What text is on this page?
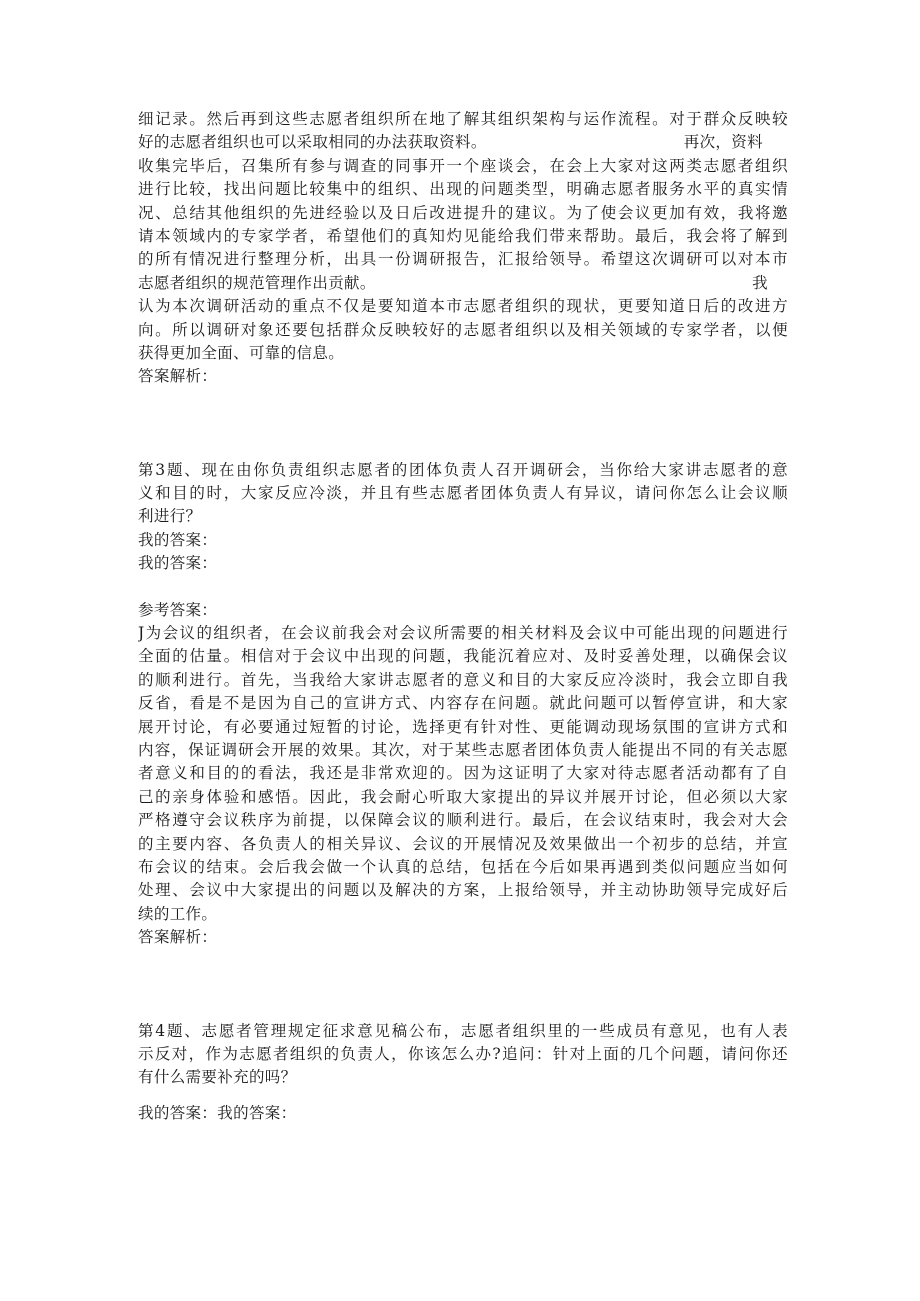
细记录。然后再到这些志愿者组织所在地了解其组织架构与运作流程。对于群众反映较
好的志愿者组织也可以采取相同的办法获取资料。	再次，资料
收集完毕后，召集所有参与调查的同事开一个座谈会，在会上大家对这两类志愿者组织
进行比较，找出问题比较集中的组织、出现的问题类型，明确志愿者服务水平的真实情
况、总结其他组织的先进经验以及日后改进提升的建议。为了使会议更加有效，我将邀
请本领域内的专家学者，希望他们的真知灼见能给我们带来帮助。最后，我会将了解到
的所有情况进行整理分析，出具一份调研报告，汇报给领导。希望这次调研可以对本市
志愿者组织的规范管理作出贡献。	我
认为本次调研活动的重点不仅是要知道本市志愿者组织的现状，更要知道日后的改进方
向。所以调研对象还要包括群众反映较好的志愿者组织以及相关领域的专家学者，以便
获得更加全面、可靠的信息。
答案解析：
第3题、现在由你负责组织志愿者的团体负责人召开调研会，当你给大家讲志愿者的意
义和目的时，大家反应冷淡，并且有些志愿者团体负责人有异议，请问你怎么让会议顺
利进行？
我的答案：
我的答案：
参考答案：
J为会议的组织者，在会议前我会对会议所需要的相关材料及会议中可能出现的问题进行
全面的估量。相信对于会议中出现的问题，我能沉着应对、及时妥善处理，以确保会议
的顺利进行。首先，当我给大家讲志愿者的意义和目的大家反应冷淡时，我会立即自我
反省，看是不是因为自己的宣讲方式、内容存在问题。就此问题可以暂停宣讲，和大家
展开讨论，有必要通过短暂的讨论，选择更有针对性、更能调动现场氛围的宣讲方式和
内容，保证调研会开展的效果。其次，对于某些志愿者团体负责人能提出不同的有关志愿
者意义和目的的看法，我还是非常欢迎的。因为这证明了大家对待志愿者活动都有了自
己的亲身体验和感悟。因此，我会耐心听取大家提出的异议并展开讨论，但必须以大家
严格遵守会议秩序为前提，以保障会议的顺利进行。最后，在会议结束时，我会对大会
的主要内容、各负责人的相关异议、会议的开展情况及效果做出一个初步的总结，并宣
布会议的结束。会后我会做一个认真的总结，包括在今后如果再遇到类似问题应当如何
处理、会议中大家提出的问题以及解决的方案，上报给领导，并主动协助领导完成好后
续的工作。
答案解析：
第4题、志愿者管理规定征求意见稿公布，志愿者组织里的一些成员有意见，也有人表
示反对，作为志愿者组织的负责人，你该怎么办?追问：针对上面的几个问题，请问你还
有什么需要补充的吗？
我的答案：我的答案：
